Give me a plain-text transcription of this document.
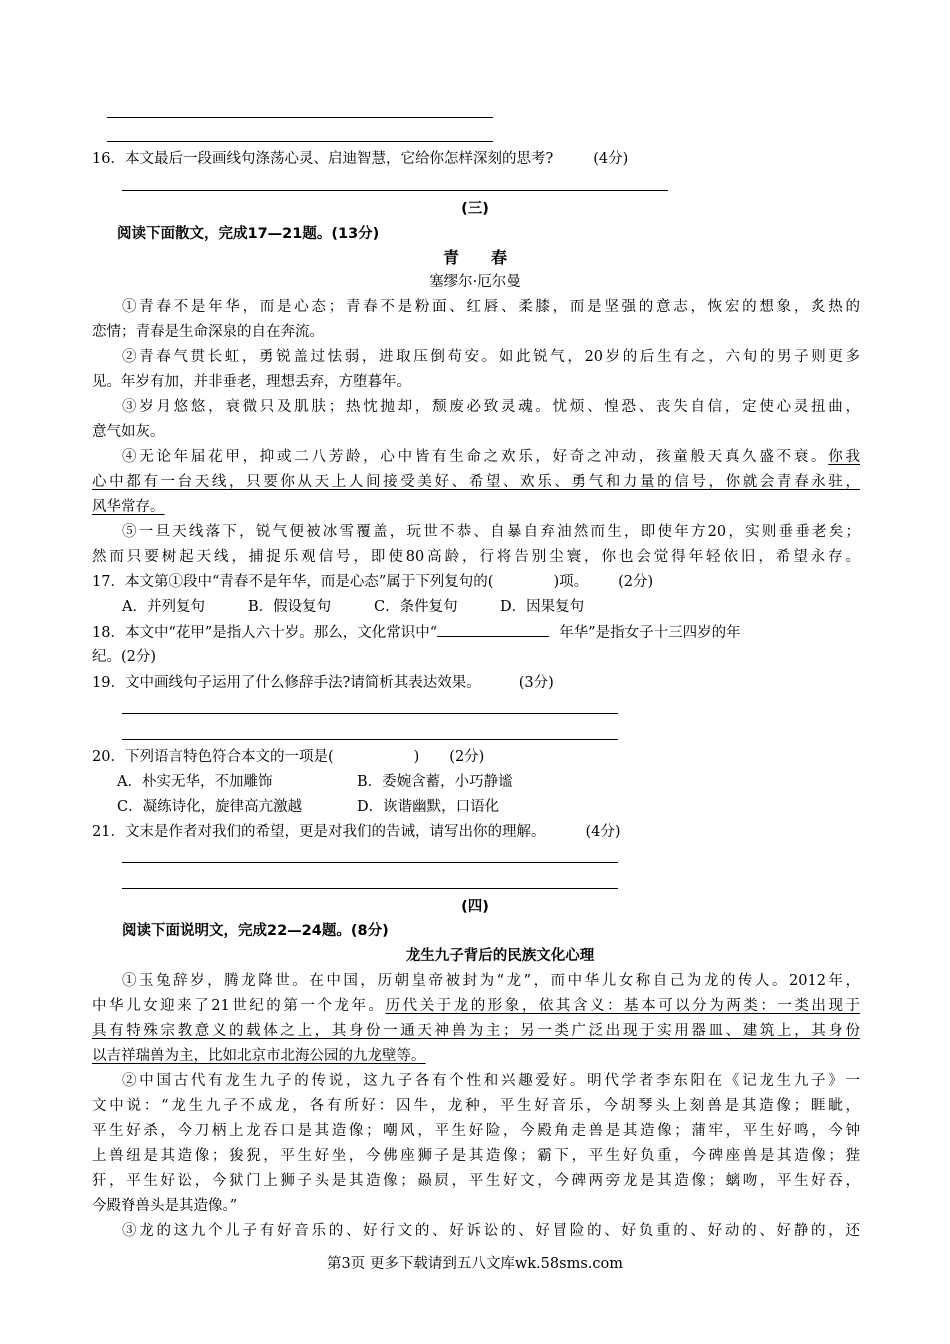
16．本文最后一段画线句涤荡心灵、启迪智慧，它给你怎样深刻的思考?	(4分)
(三)
阅读下面散文，完成17—21题。(13分)
青　　春
塞缪尔·厄尔曼
①青春不是年华，而是心态；青春不是粉面、红唇、柔膝，而是坚强的意志，恢宏的想象，炙热的
恋情；青春是生命深泉的自在奔流。
②青春气贯长虹，勇锐盖过怯弱，进取压倒苟安。如此锐气，20岁的后生有之，六旬的男子则更多
见。年岁有加，并非垂老，理想丢弃，方堕暮年。
③岁月悠悠，衰微只及肌肤；热忱抛却，颓废必致灵魂。忧烦、惶恐、丧失自信，定使心灵扭曲，
意气如灰。
④无论年届花甲，抑或二八芳龄，心中皆有生命之欢乐，好奇之冲动，孩童般天真久盛不衰。你我
心中都有一台天线，只要你从天上人间接受美好、希望、欢乐、勇气和力量的信号，你就会青春永驻，
风华常存。
⑤一旦天线落下，锐气便被冰雪覆盖，玩世不恭、自暴自弃油然而生，即使年方20，实则垂垂老矣；
然而只要树起天线，捕捉乐观信号，即使80高龄，行将告别尘寰，你也会觉得年轻依旧，希望永存。
17．本文第①段中“青春不是年华，而是心态”属于下列复句的(	)项。 (2分)
A．并列复句	B．假设复句	C．条件复句	D．因果复句
18．本文中“花甲”是指人六十岁。那么，文化常识中“	年华”是指女子十三四岁的年
纪。(2分)
19．文中画线句子运用了什么修辞手法?请简析其表达效果。	(3分)
20．下列语言特色符合本文的一项是(	) (2分)
A．朴实无华，不加雕饰	B．委婉含蓄，小巧静谧
C．凝练诗化，旋律高亢激越	D．诙谐幽默，口语化
21．文末是作者对我们的希望，更是对我们的告诫，请写出你的理解。	(4分)
(四)
阅读下面说明文，完成22—24题。(8分)
龙生九子背后的民族文化心理
①玉兔辞岁，腾龙降世。在中国，历朝皇帝被封为“龙”，而中华儿女称自己为龙的传人。2012年，
中华儿女迎来了21世纪的第一个龙年。历代关于龙的形象，依其含义：基本可以分为两类：一类出现于
具有特殊宗教意义的载体之上，其身份一通天神兽为主；另一类广泛出现于实用器皿、建筑上，其身份
以吉祥瑞兽为主，比如北京市北海公园的九龙壁等。
②中国古代有龙生九子的传说，这九子各有个性和兴趣爱好。明代学者李东阳在《记龙生九子》一
文中说：“龙生九子不成龙，各有所好：囚牛，龙种，平生好音乐，今胡琴头上刻兽是其造像；睚眦，
平生好杀，今刀柄上龙吞口是其造像；嘲风，平生好险，今殿角走兽是其造像；蒲牢，平生好鸣，今钟
上兽纽是其造像；狻猊，平生好坐，今佛座狮子是其造像；霸下，平生好负重，今碑座兽是其造像；狴
犴，平生好讼，今狱门上狮子头是其造像；赑屃，平生好文，今碑两旁龙是其造像；螭吻，平生好吞，
今殿脊兽头是其造像。”
③龙的这九个儿子有好音乐的、好行文的、好诉讼的、好冒险的、好负重的、好动的、好静的，还
第3页 更多下载请到五八文库wk.58sms.com
